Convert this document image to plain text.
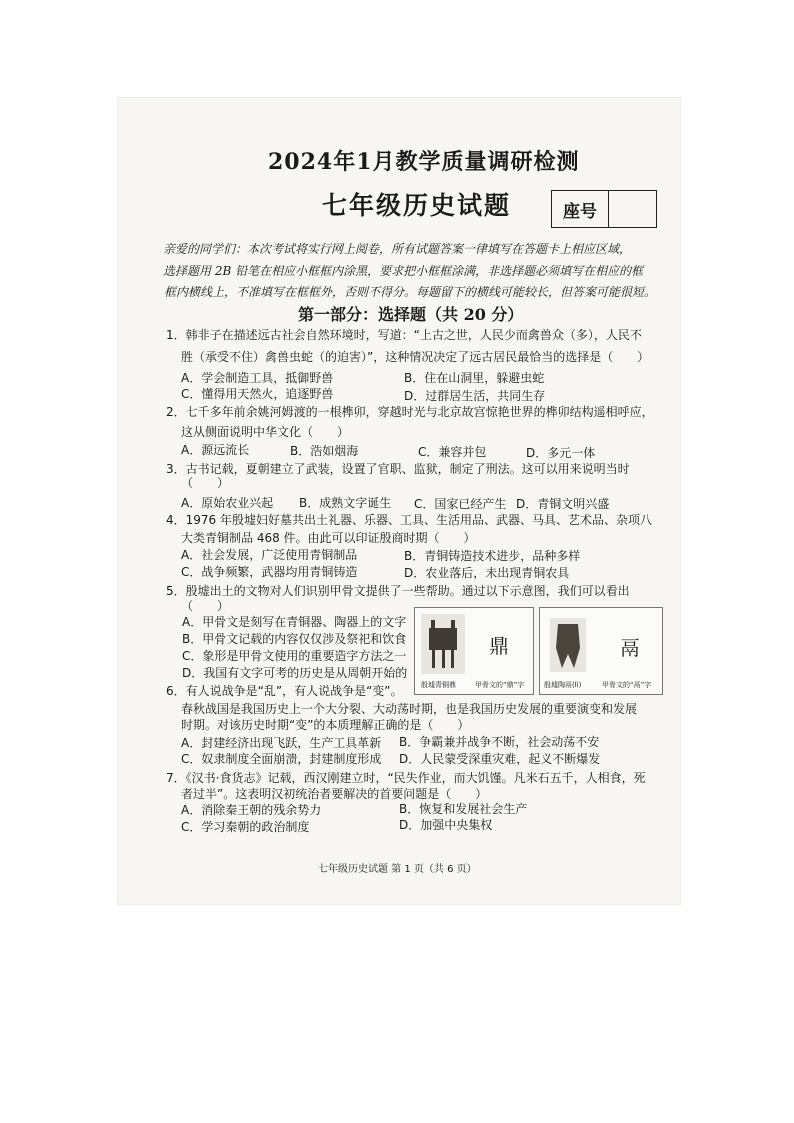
2024年1月教学质量调研检测
七年级历史试题	座号
亲爱的同学们：本次考试将实行网上阅卷，所有试题答案一律填写在答题卡上相应区域，
选择题用 2B 铅笔在相应小框框内涂黑，要求把小框框涂满，非选择题必须填写在相应的框
框内横线上，不准填写在框框外，否则不得分。每题留下的横线可能较长，但答案可能很短。
第一部分：选择题（共 20 分）
1．韩非子在描述远古社会自然环境时，写道：“上古之世，人民少而禽兽众（多），人民不
胜（承受不住）禽兽虫蛇（的迫害）”，这种情况决定了远古居民最恰当的选择是（　　）
A．学会制造工具，抵御野兽	B．住在山洞里，躲避虫蛇
C．懂得用天然火，追逐野兽	D．过群居生活，共同生存
2．七千多年前余姚河姆渡的一根榫卯，穿越时光与北京故宫惊艳世界的榫卯结构遥相呼应，
这从侧面说明中华文化（　　）
A．源远流长	B．浩如烟海	C．兼容并包	D．多元一体
3．古书记载，夏朝建立了武装，设置了官职、监狱，制定了刑法。这可以用来说明当时
（　　）
A．原始农业兴起 B．成熟文字诞生 C．国家已经产生 D．青铜文明兴盛
4．1976 年殷墟妇好墓共出土礼器、乐器、工具、生活用品、武器、马具、艺术品、杂项八
大类青铜制品 468 件。由此可以印证殷商时期（　　）
A．社会发展，广泛使用青铜制品	B．青铜铸造技术进步，品种多样
C．战争频繁，武器均用青铜铸造	D．农业落后，未出现青铜农具
5．殷墟出土的文物对人们识别甲骨文提供了一些帮助。通过以下示意图，我们可以看出
（　　）
A．甲骨文是刻写在青铜器、陶器上的文字
B．甲骨文记载的内容仅仅涉及祭祀和饮食
C．象形是甲骨文使用的重要造字方法之一
D．我国有文字可考的历史是从周朝开始的
鼎
殷墟青铜鼎	甲骨文的“鼎”字
鬲
殷墟陶鬲(lì)	甲骨文的“鬲”字
6．有人说战争是“乱”，有人说战争是“变”。
春秋战国是我国历史上一个大分裂、大动荡时期，也是我国历史发展的重要演变和发展
时期。对该历史时期“变”的本质理解正确的是（　　）
A．封建经济出现飞跃，生产工具革新 B．争霸兼并战争不断，社会动荡不安
C．奴隶制度全面崩溃，封建制度形成 D．人民蒙受深重灾难，起义不断爆发
7．《汉书·食货志》记载，西汉刚建立时，“民失作业，而大饥馑。凡米石五千，人相食，死
者过半”。这表明汉初统治者要解决的首要问题是（　　）
A．消除秦王朝的残余势力	B．恢复和发展社会生产
C．学习秦朝的政治制度	D．加强中央集权
七年级历史试题 第 1 页（共 6 页）
